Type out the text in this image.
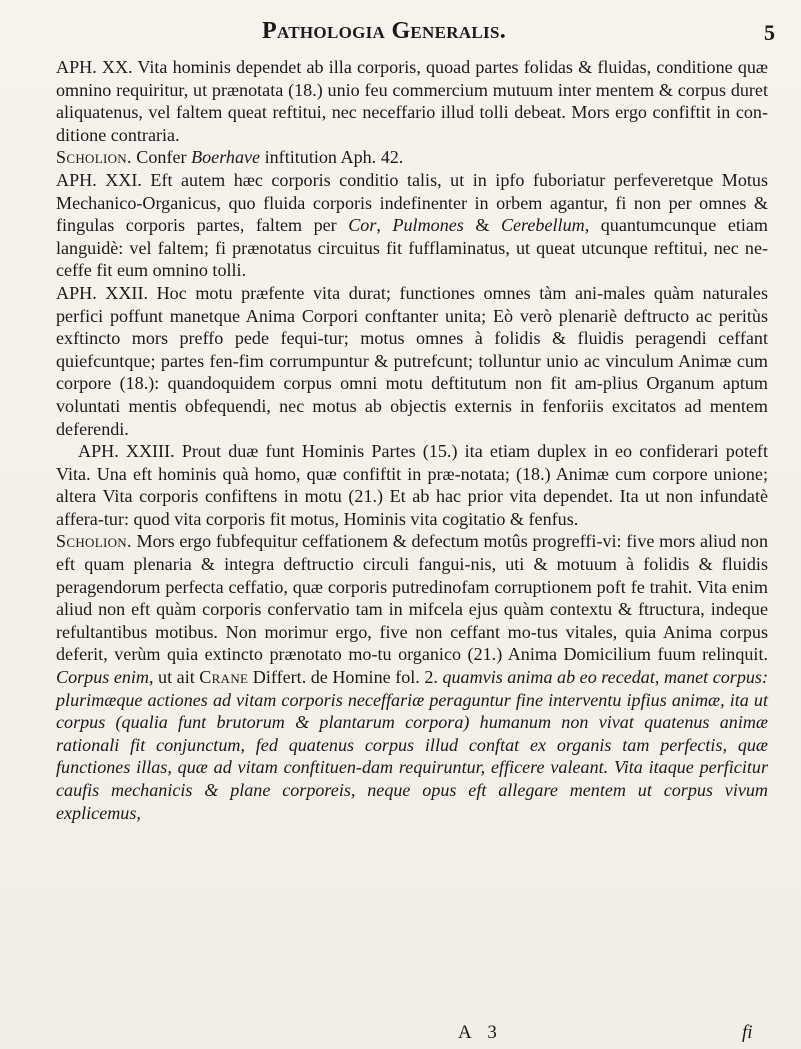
Pathologia Generalis.	5

APH. XX. Vita hominis dependet ab illa corporis, quoad partes folidas & fluidas, conditione quæ omnino requiritur, ut prænotata (18.) unio feu commercium mutuum inter mentem & corpus duret aliquatenus, vel faltem queat reftitui, nec neceffario illud tolli debeat. Mors ergo confiftit in con-ditione contraria.

Scholion. Confer Boerhave inftitution Aph. 42.

APH. XXI. Eft autem hæc corporis conditio talis, ut in ipfo fuboriatur perfeveretque Motus Mechanico-Organicus, quo fluida corporis indefinenter in orbem agantur, fi non per omnes & fingulas corporis partes, faltem per Cor, Pulmones & Cerebellum, quantumcunque etiam languidè: vel faltem; fi prænotatus circuitus fit fufflaminatus, ut queat utcunque reftitui, nec ne-ceffe fit eum omnino tolli.

APH. XXII. Hoc motu præfente vita durat; functiones omnes tàm ani-males quàm naturales perfici poffunt manetque Anima Corpori conftanter unita; Eò verò plenariè deftructo ac peritùs exftincto mors preffo pede fequi-tur; motus omnes à folidis & fluidis peragendi ceffant quiefcuntque; partes fen-fim corrumpuntur & putrefcunt; tolluntur unio ac vinculum Animæ cum corpore (18.): quandoquidem corpus omni motu deftitutum non fit am-plius Organum aptum voluntati mentis obfequendi, nec motus ab objectis externis in fenforiis excitatos ad mentem deferendi.

APH. XXIII. Prout duæ funt Hominis Partes (15.) ita etiam duplex in eo confiderari poteft Vita. Una eft hominis quà homo, quæ confiftit in præ-notata; (18.) Animæ cum corpore unione; altera Vita corporis confiftens in motu (21.) Et ab hac prior vita dependet. Ita ut non infundatè affera-tur: quod vita corporis fit motus, Hominis vita cogitatio & fenfus.

Scholion. Mors ergo fubfequitur ceffationem & defectum motûs progreffi-vi: five mors aliud non eft quam plenaria & integra deftructio circuli fangui-nis, uti & motuum à folidis & fluidis peragendorum perfecta ceffatio, quæ corporis putredinofam corruptionem poft fe trahit. Vita enim aliud non eft quàm corporis confervatio tam in mifcela ejus quàm contextu & ftructura, indeque refultantibus motibus. Non morimur ergo, five non ceffant mo-tus vitales, quia Anima corpus deferit, verùm quia extincto prænotato mo-tu organico (21.) Anima Domicilium fuum relinquit. Corpus enim, ut ait Crane Differt. de Homine fol. 2. quamvis anima ab eo recedat, manet corpus: plurimæque actiones ad vitam corporis neceffariæ peraguntur fine interventu ipfius animæ, ita ut corpus (qualia funt brutorum & plantarum corpora) humanum non vivat quatenus animæ rationali fit conjunctum, fed quatenus corpus illud conftat ex organis tam perfectis, quæ functiones illas, quæ ad vitam conftituen-dam requiruntur, efficere valeant. Vita itaque perficitur caufis mechanicis & plane corporeis, neque opus eft allegare mentem ut corpus vivum explicemus,

A 3	fi
